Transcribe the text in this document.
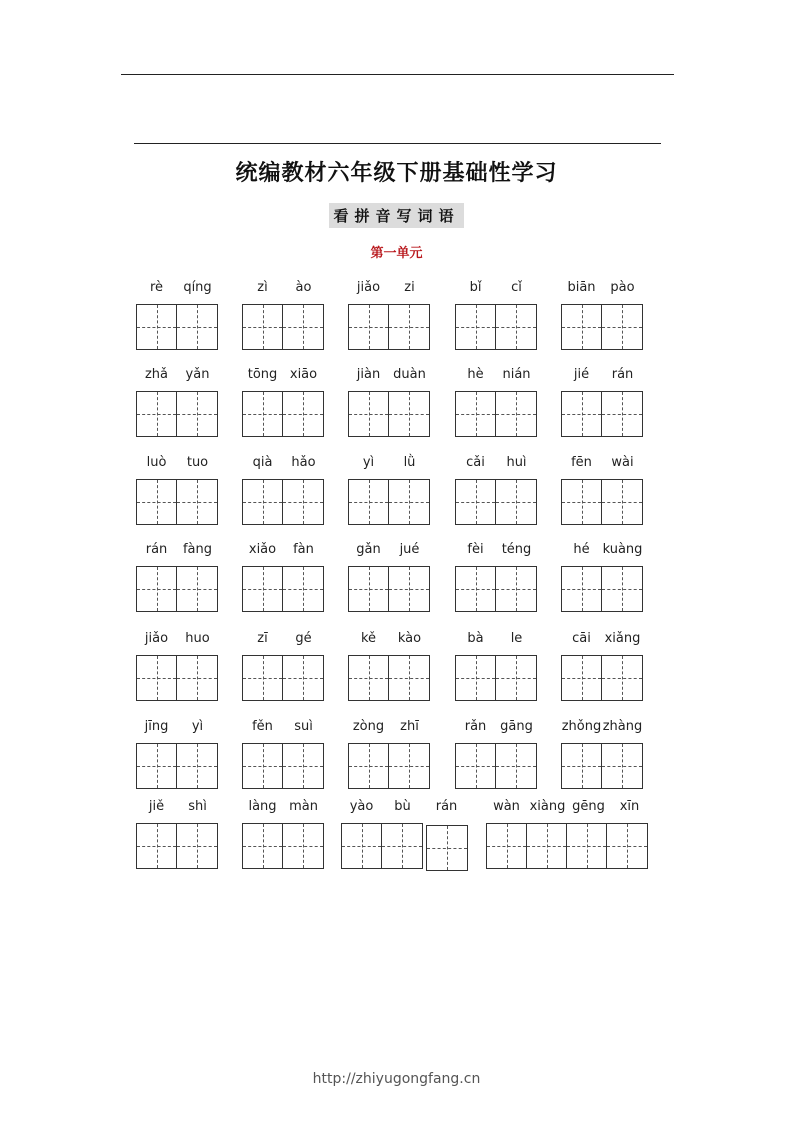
统编教材六年级下册基础性学习
看拼音写词语
第一单元
rè	qíng	zì	ào	jiǎo	zi	bǐ	cǐ	biān	pào
zhǎ	yǎn	tōng xiāo	jiàn duàn	hè	nián	jié	rán
luò	tuo	qià	hǎo	yì	lǜ	cǎi	huì	fēn	wài
rán	fàng	xiǎo	fàn	gǎn	jué	fèi	téng	hé kuàng
jiǎo	huo	zī	gé	kě	kào	bà	le	cāi	xiǎng
jīng	yì	fěn	suì	zòng	zhī	rǎn	gāng	zhǒng zhàng
jiě	shì	làng màn	yào	bù	rán	wàn xiàng gēng	xīn
http://zhiyugongfang.cn
